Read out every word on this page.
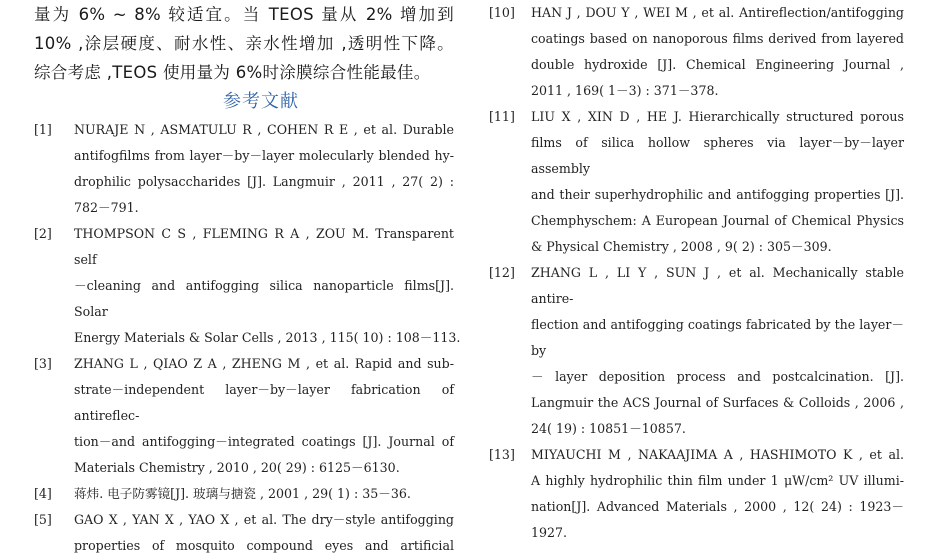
量为 6% ~ 8% 较适宜。当 TEOS 量从 2% 增加到
10% ,涂层硬度、耐水性、亲水性增加 ,透明性下降。
综合考虑 ,TEOS 使用量为 6%时涂膜综合性能最佳。
参考文献
[1] NURAJE N , ASMATULU R , COHEN R E , et al. Durable
antifogfilms from layer－by－layer molecularly blended hy-
drophilic polysaccharides [J]. Langmuir , 2011 , 27( 2) :
782－791.
[2] THOMPSON C S , FLEMING R A , ZOU M. Transparent self
－cleaning and antifogging silica nanoparticle films[J]. Solar
Energy Materials & Solar Cells , 2013 , 115( 10) : 108－113.
[3] ZHANG L , QIAO Z A , ZHENG M , et al. Rapid and sub-
strate－independent layer－by－layer fabrication of antireflec-
tion－and antifogging－integrated coatings [J]. Journal of
Materials Chemistry , 2010 , 20( 29) : 6125－6130.
[4] 蒋炜. 电子防雾镜[J]. 玻璃与搪瓷 , 2001 , 29( 1) : 35－36.
[5] GAO X , YAN X , YAO X , et al. The dry－style antifogging
properties of mosquito compound eyes and artificial
[10] HAN J , DOU Y , WEI M , et al. Antireflection/antifogging
coatings based on nanoporous films derived from layered
double hydroxide [J]. Chemical Engineering Journal ,
2011 , 169( 1－3) : 371－378.
[11] LIU X , XIN D , HE J. Hierarchically structured porous
films of silica hollow spheres via layer－by－layer assembly
and their superhydrophilic and antifogging properties [J].
Chemphyschem: A European Journal of Chemical Physics
& Physical Chemistry , 2008 , 9( 2) : 305－309.
[12] ZHANG L , LI Y , SUN J , et al. Mechanically stable antire-
flection and antifogging coatings fabricated by the layer－by
－ layer deposition process and postcalcination. [J].
Langmuir the ACS Journal of Surfaces & Colloids , 2006 ,
24( 19) : 10851－10857.
[13] MIYAUCHI M , NAKAAJIMA A , HASHIMOTO K , et al.
A highly hydrophilic thin film under 1 μW/cm² UV illumi-
nation[J]. Advanced Materials , 2000 , 12( 24) : 1923－
1927.
